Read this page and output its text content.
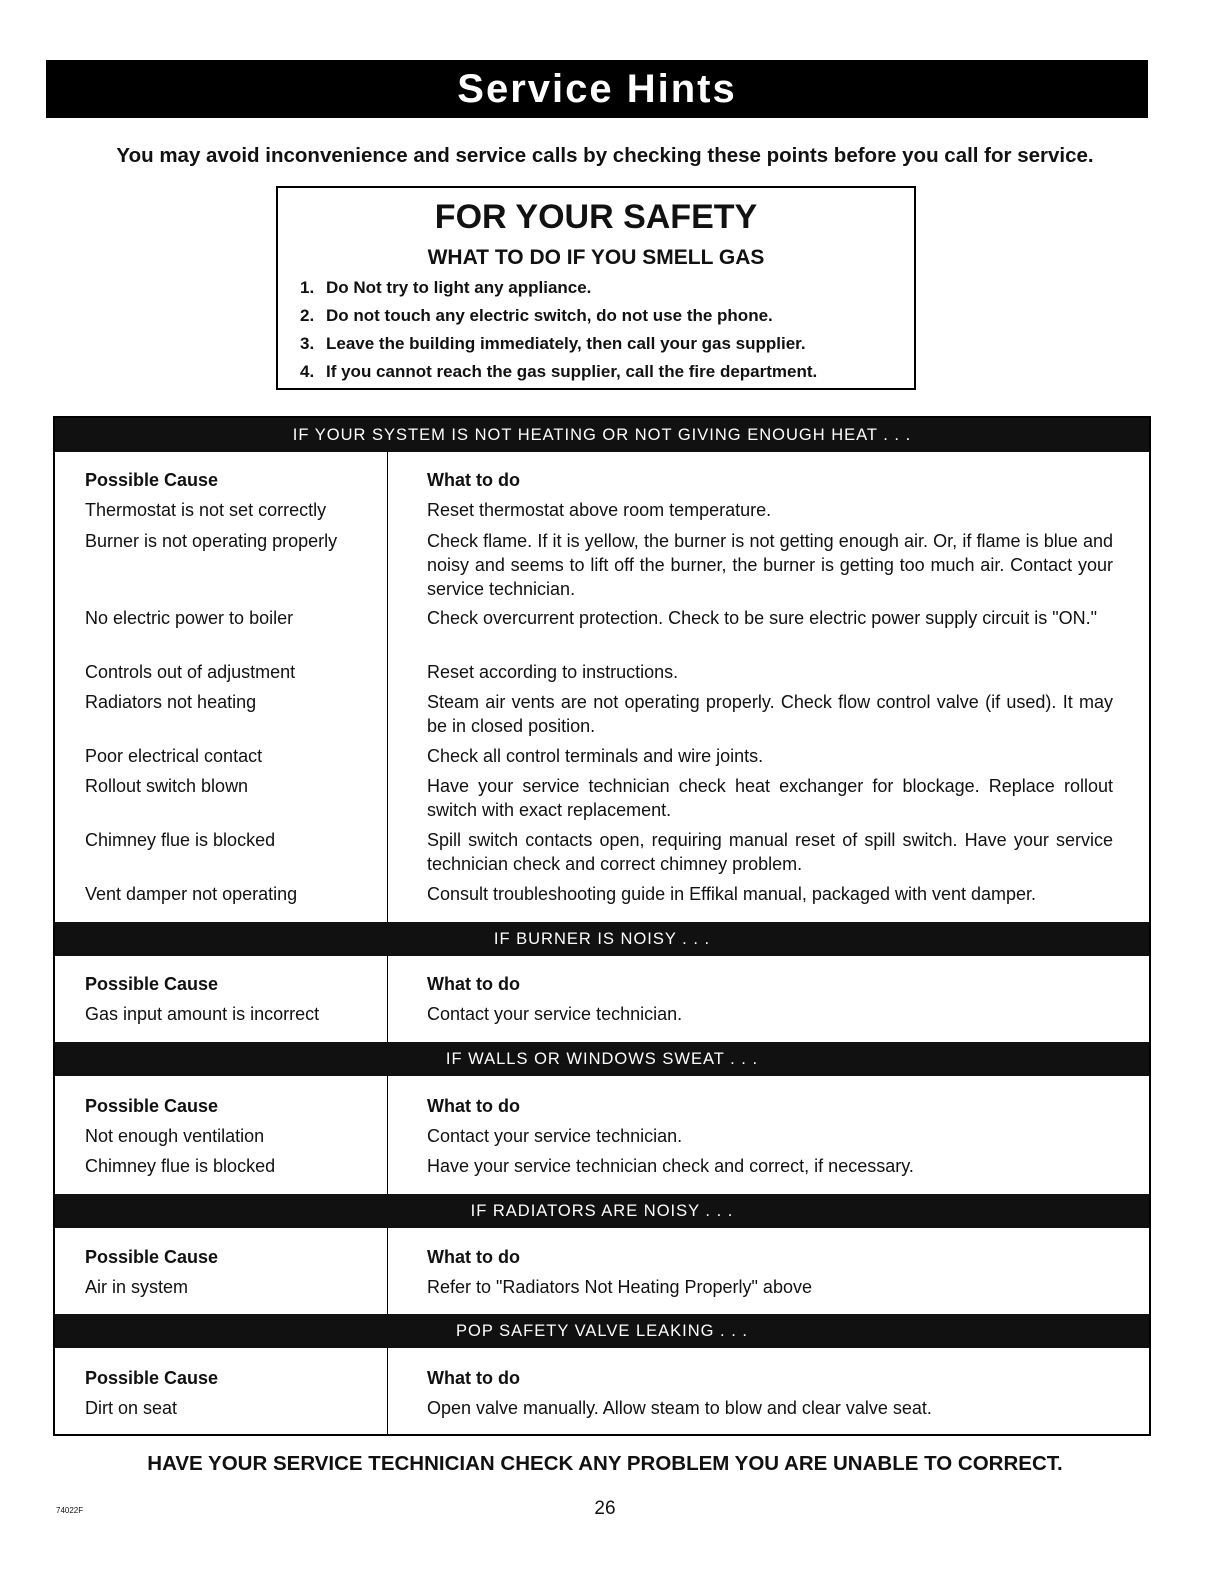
Service Hints
You may avoid inconvenience and service calls by checking these points before you call for service.
FOR YOUR SAFETY
WHAT TO DO IF YOU SMELL GAS
1. Do Not try to light any appliance.
2. Do not touch any electric switch, do not use the phone.
3. Leave the building immediately, then call your gas supplier.
4. If you cannot reach the gas supplier, call the fire department.
IF YOUR SYSTEM IS NOT HEATING OR NOT GIVING ENOUGH HEAT . . .
Possible Cause
Thermostat is not set correctly
Burner is not operating properly
No electric power to boiler
Controls out of adjustment
Radiators not heating
Poor electrical contact
Rollout switch blown
Chimney flue is blocked
Vent damper not operating
What to do
Reset thermostat above room temperature.
Check flame. If it is yellow, the burner is not getting enough air. Or, if flame is blue and noisy and seems to lift off the burner, the burner is getting too much air. Contact your service technician.
Check overcurrent protection. Check to be sure electric power supply circuit is "ON."
Reset according to instructions.
Steam air vents are not operating properly. Check flow control valve (if used). It may be in closed position.
Check all control terminals and wire joints.
Have your service technician check heat exchanger for blockage. Replace rollout switch with exact replacement.
Spill switch contacts open, requiring manual reset of spill switch. Have your service technician check and correct chimney problem.
Consult troubleshooting guide in Effikal manual, packaged with vent damper.
IF BURNER IS NOISY . . .
Possible Cause
Gas input amount is incorrect
What to do
Contact your service technician.
IF WALLS OR WINDOWS SWEAT . . .
Possible Cause
Not enough ventilation
Chimney flue is blocked
What to do
Contact your service technician.
Have your service technician check and correct, if necessary.
IF RADIATORS ARE NOISY . . .
Possible Cause
Air in system
What to do
Refer to "Radiators Not Heating Properly" above
POP SAFETY VALVE LEAKING . . .
Possible Cause
Dirt on seat
What to do
Open valve manually. Allow steam to blow and clear valve seat.
HAVE YOUR SERVICE TECHNICIAN CHECK ANY PROBLEM YOU ARE UNABLE TO CORRECT.
74022F	26
